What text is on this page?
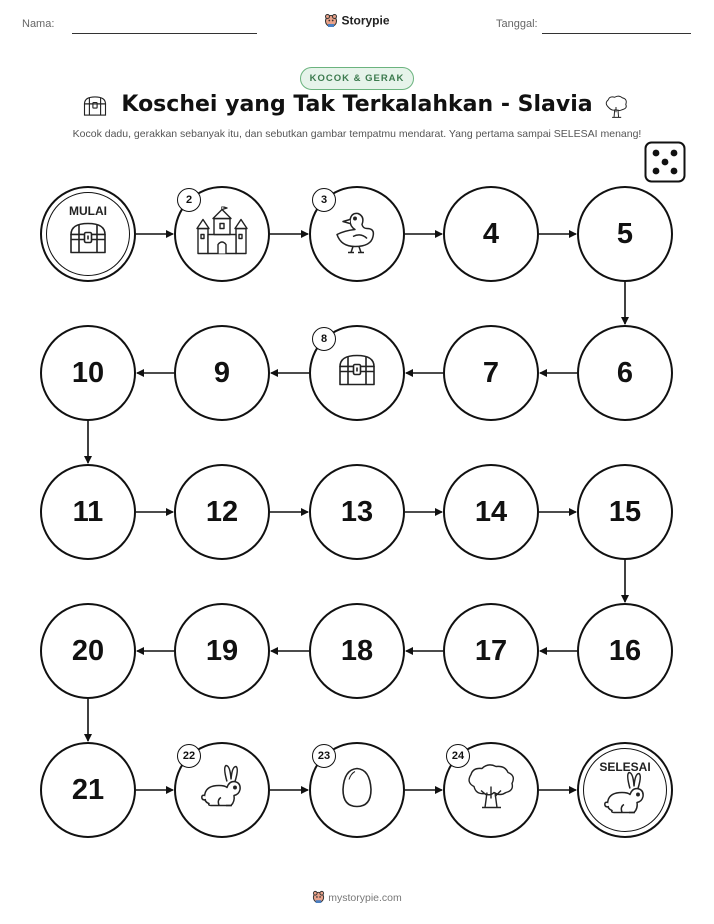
Nama:	Storypie	Tanggal:
KOCOK & GERAK
Koschei yang Tak Terkalahkan - Slavia
Kocok dadu, gerakkan sebanyak itu, dan sebutkan gambar tempatmu mendarat. Yang pertama sampai SELESAI menang!
MULAI
2	3
4	5
6
7
8
9
10
11	12	13	14	15
16
17
18
19
20
21
22	23	24
SELESAI
mystorypie.com
